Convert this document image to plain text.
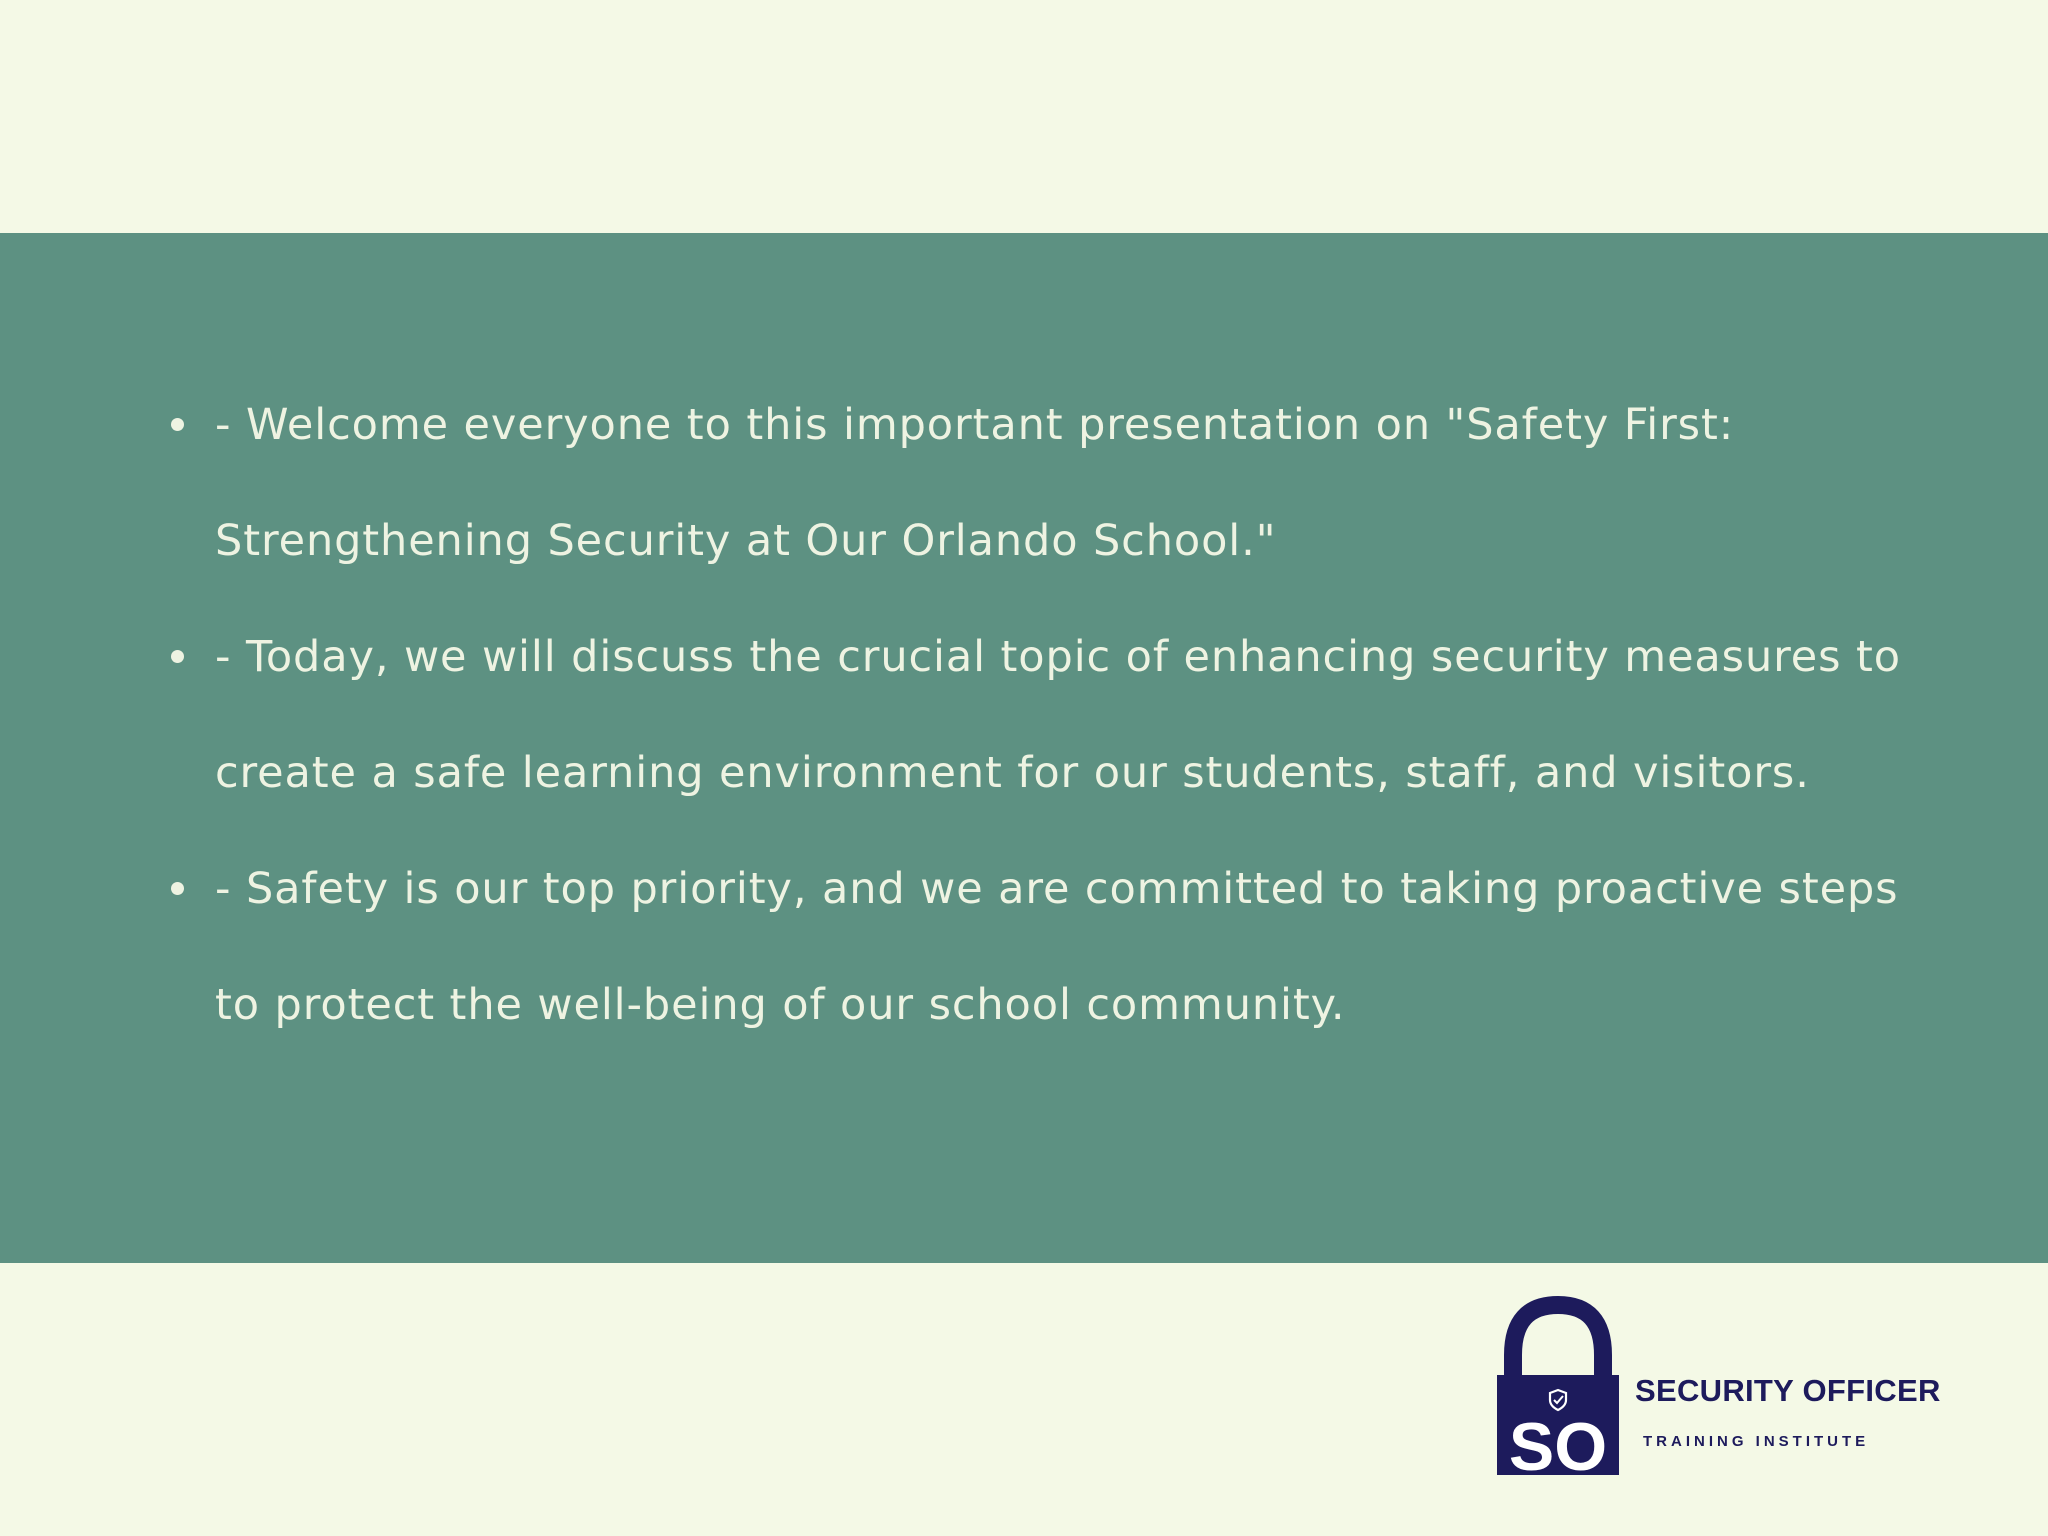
- Welcome everyone to this important presentation on "Safety First:
Strengthening Security at Our Orlando School."
- Today, we will discuss the crucial topic of enhancing security measures to
create a safe learning environment for our students, staff, and visitors.
- Safety is our top priority, and we are committed to taking proactive steps
to protect the well-being of our school community.
SO
SECURITY OFFICER
TRAINING INSTITUTE
